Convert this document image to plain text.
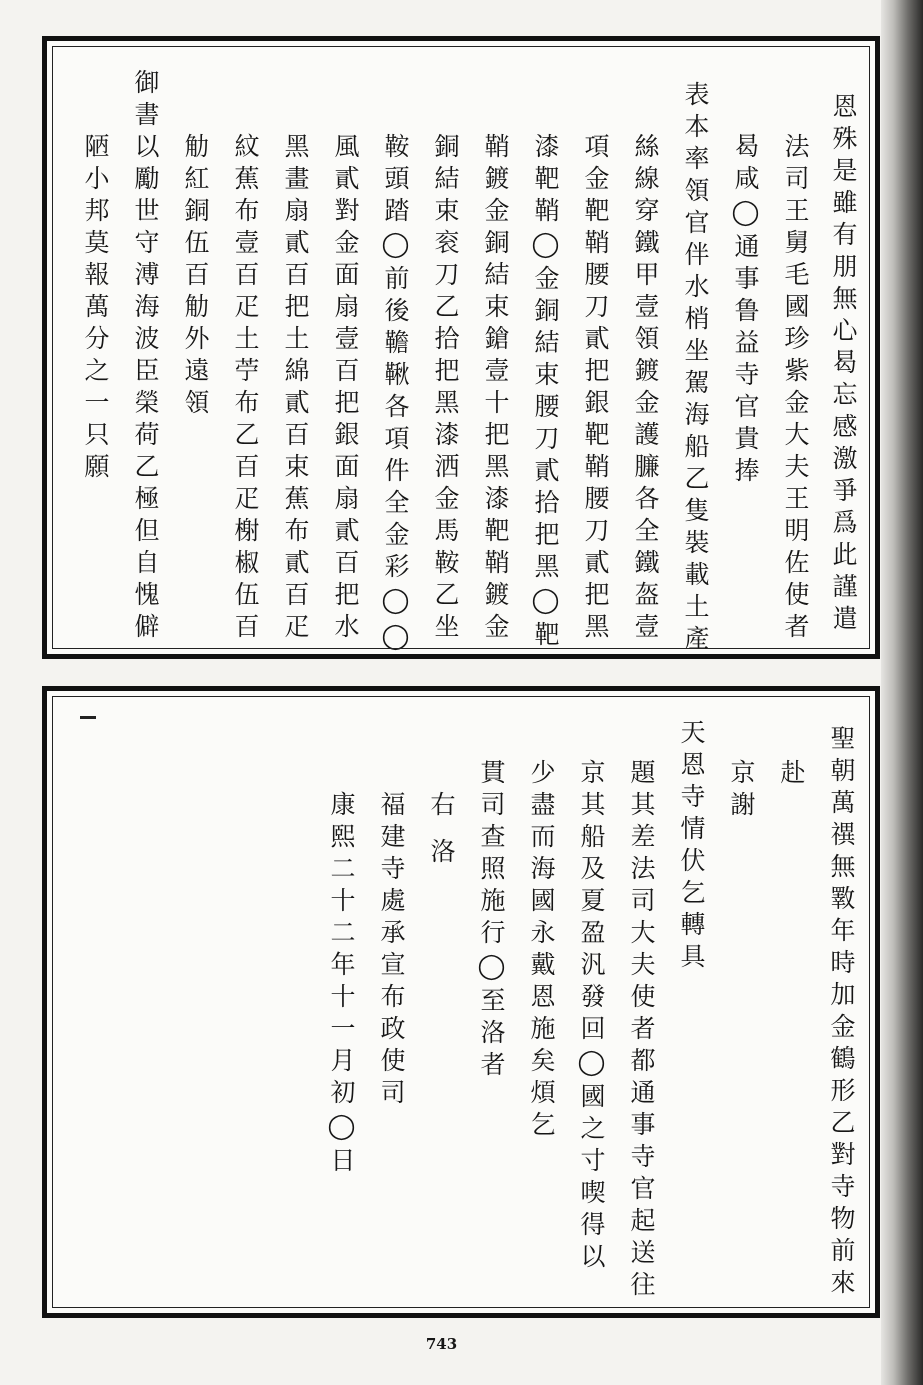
恩殊是雖有朋無心曷忘感激爭爲此謹遣
法司王舅毛國珍紫金大夫王明佐使者
曷咸◯通事鲁益寺官貴捧
表本率領官伴水梢坐駕海船乙隻裝載土產
絲線穿鐵甲壹領鍍金護臁各全鐵盔壹
項金靶鞘腰刀貳把銀靶鞘腰刀貳把黑
漆靶鞘◯金銅結束腰刀貳拾把黑◯靶
鞘鍍金銅結束鎗壹十把黑漆靶鞘鍍金
銅結束衮刀乙拾把黑漆洒金馬鞍乙坐
鞍頭踏◯前後韂鞦各項件全金彩◯◯
風貳對金面扇壹百把銀面扇貳百把水
黑畫扇貳百把土綿貳百束蕉布貳百疋
紋蕉布壹百疋土苧布乙百疋榭椒伍百
觔紅銅伍百觔外遠領
御書以勵世守溥海波臣榮荷乙極但自愧僻
陋小邦莫報萬分之一只願
聖朝萬禩無斁年時加金鶴形乙對寺物前來
赴
京謝
天恩寺情伏乞轉具
題其差法司大夫使者都通事寺官起送往
京其船及夏盈汎發回◯國之寸喫得以
少盡而海國永戴恩施矣煩乞
貫司查照施行◯至洛者
右 洛
福建寺處承宣布政使司
康熙二十二年十一月初◯日
743
